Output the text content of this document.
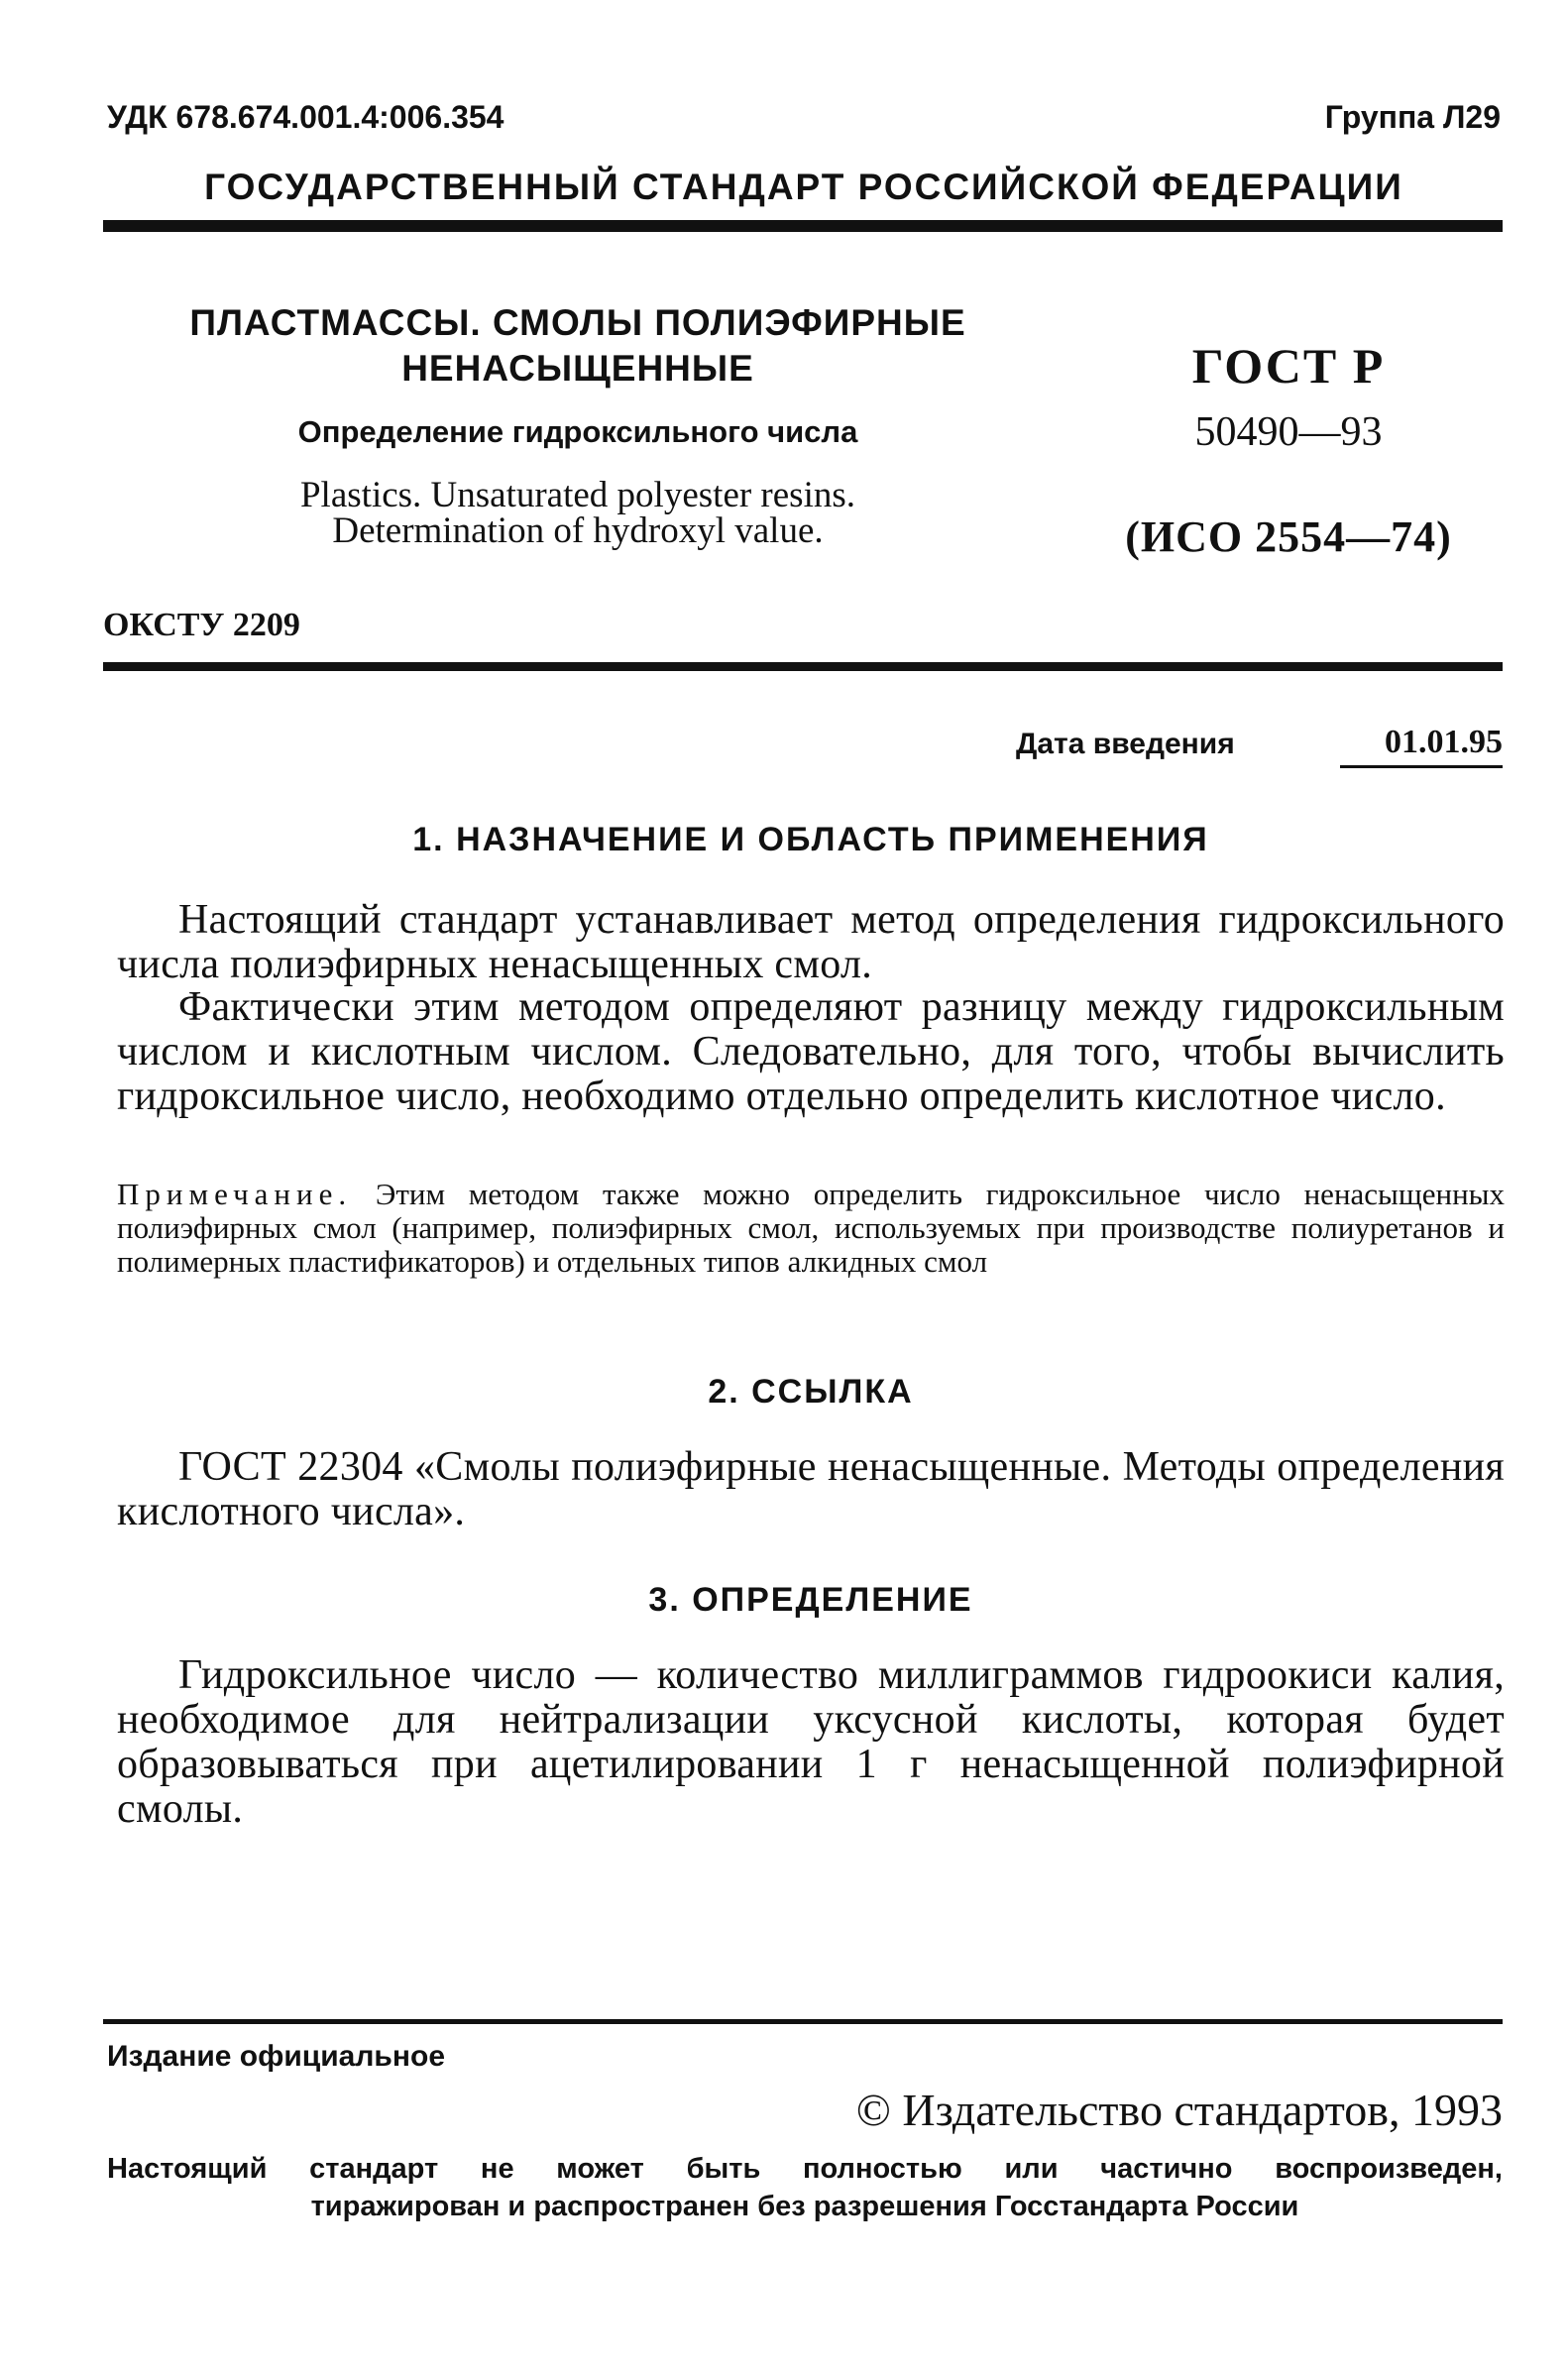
УДК 678.674.001.4:006.354	Группа Л29
ГОСУДАРСТВЕННЫЙ СТАНДАРТ РОССИЙСКОЙ ФЕДЕРАЦИИ
ПЛАСТМАССЫ. СМОЛЫ ПОЛИЭФИРНЫЕ
НЕНАСЫЩЕННЫЕ
Определение гидроксильного числа
Plastics. Unsaturated polyester resins.
Determination of hydroxyl value.
ГОСТ Р
50490—93
(ИСО 2554—74)
ОКСТУ 2209
Дата введения	01.01.95
1. НАЗНАЧЕНИЕ И ОБЛАСТЬ ПРИМЕНЕНИЯ
Настоящий стандарт устанавливает метод определения гидроксильного числа полиэфирных ненасыщенных смол.
Фактически этим методом определяют разницу между гидроксильным числом и кислотным числом. Следовательно, для того, чтобы вычислить гидроксильное число, необходимо отдельно определить кислотное число.
Примечание. Этим методом также можно определить гидроксильное число ненасыщенных полиэфирных смол (например, полиэфирных смол, используемых при производстве полиуретанов и полимерных пластификаторов) и отдельных типов алкидных смол
2. ССЫЛКА
ГОСТ 22304 «Смолы полиэфирные ненасыщенные. Методы определения кислотного числа».
3. ОПРЕДЕЛЕНИЕ
Гидроксильное число — количество миллиграммов гидроокиси калия, необходимое для нейтрализации уксусной кислоты, которая будет образовываться при ацетилировании 1 г ненасыщенной полиэфирной смолы.
Издание официальное
© Издательство стандартов, 1993
Настоящий стандарт не может быть полностью или частично воспроизведен,
тиражирован и распространен без разрешения Госстандарта России
